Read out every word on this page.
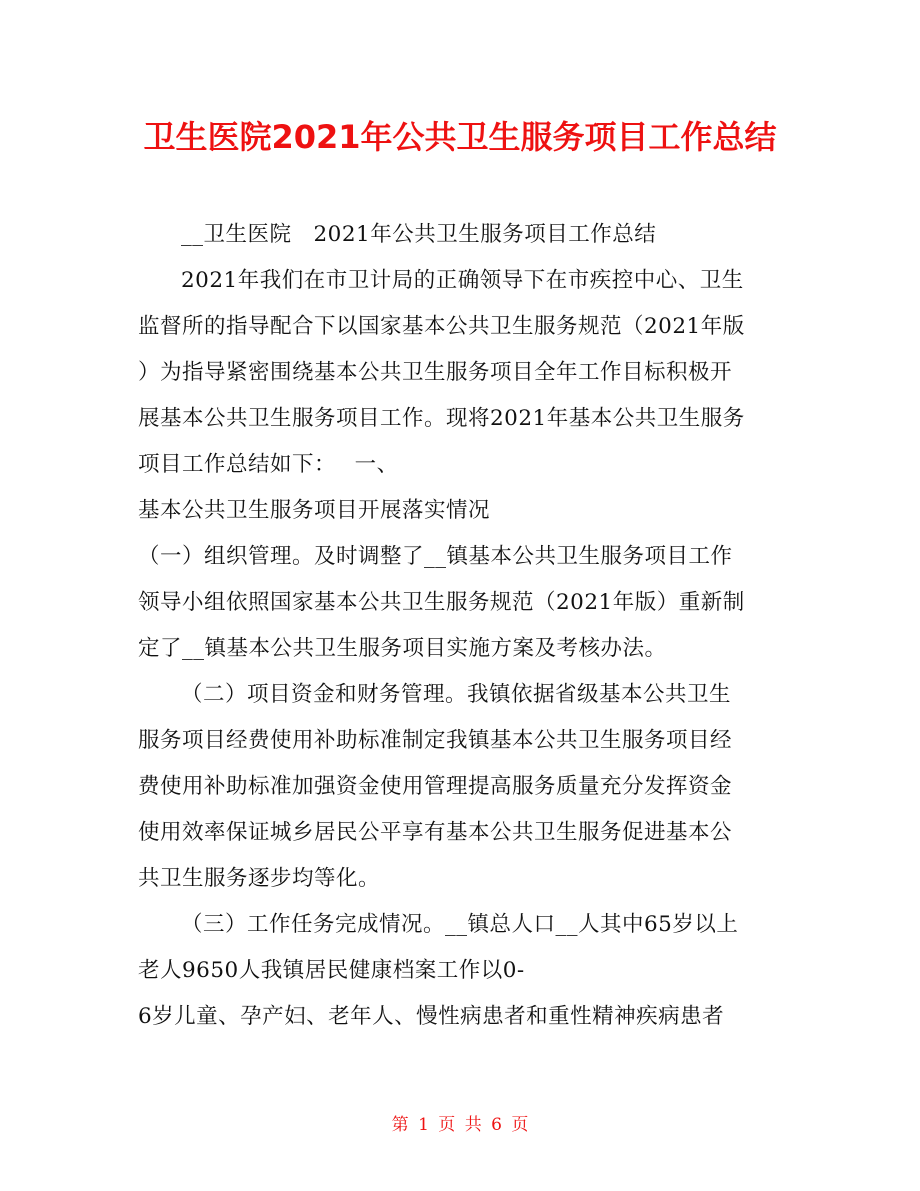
卫生医院2021年公共卫生服务项目工作总结
__卫生医院　2021年公共卫生服务项目工作总结
2021年我们在市卫计局的正确领导下在市疾控中心、卫生
监督所的指导配合下以国家基本公共卫生服务规范（2021年版
）为指导紧密围绕基本公共卫生服务项目全年工作目标积极开
展基本公共卫生服务项目工作。现将2021年基本公共卫生服务
项目工作总结如下：　 一、
基本公共卫生服务项目开展落实情况
（一）组织管理。及时调整了__镇基本公共卫生服务项目工作
领导小组依照国家基本公共卫生服务规范（2021年版）重新制
定了__镇基本公共卫生服务项目实施方案及考核办法。
（二）项目资金和财务管理。我镇依据省级基本公共卫生
服务项目经费使用补助标准制定我镇基本公共卫生服务项目经
费使用补助标准加强资金使用管理提高服务质量充分发挥资金
使用效率保证城乡居民公平享有基本公共卫生服务促进基本公
共卫生服务逐步均等化。
（三）工作任务完成情况。__镇总人口__人其中65岁以上
老人9650人我镇居民健康档案工作以0-
6岁儿童、孕产妇、老年人、慢性病患者和重性精神疾病患者
第 1 页 共 6 页
